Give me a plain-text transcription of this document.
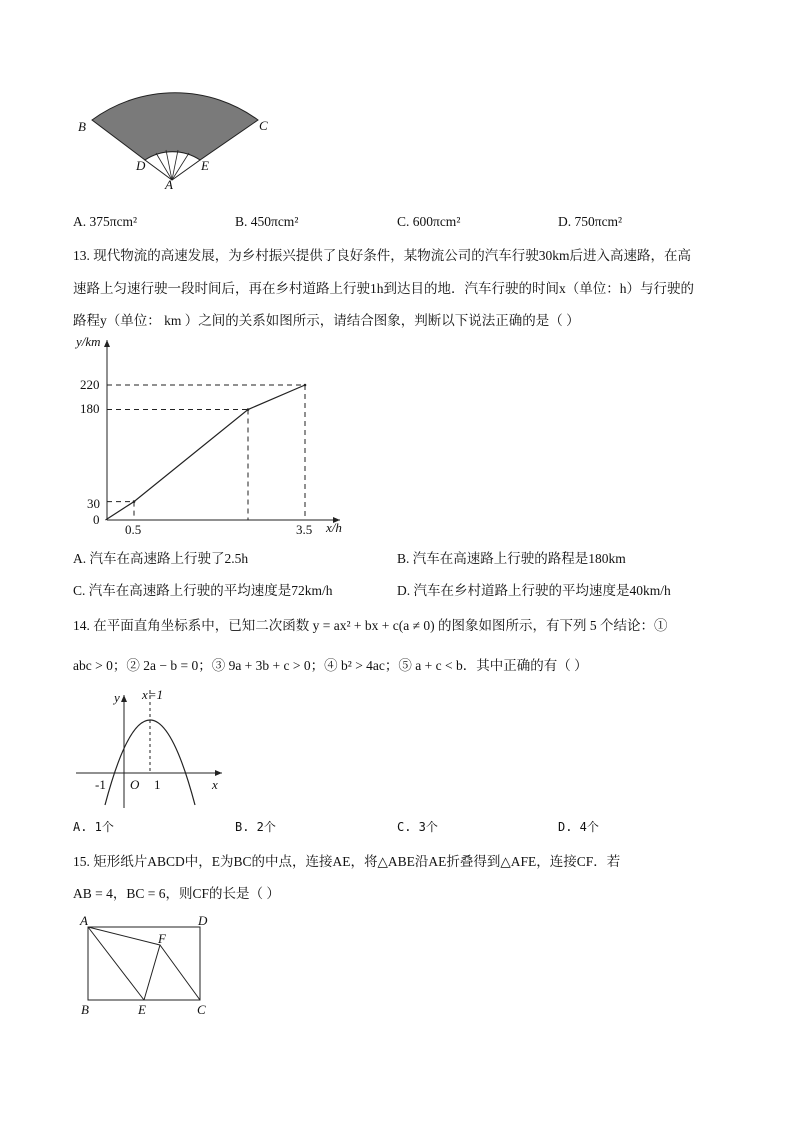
B	C
D	E
A
A. 375πcm²	B. 450πcm²	C. 600πcm²	D. 750πcm²
13. 现代物流的高速发展，为乡村振兴提供了良好条件，某物流公司的汽车行驶30km后进入高速路，在高
速路上匀速行驶一段时间后，再在乡村道路上行驶1h到达目的地．汽车行驶的时间x（单位：h）与行驶的
路程y（单位： km ）之间的关系如图所示，请结合图象，判断以下说法正确的是（ ）
y/km
x/h
0
30
180
220
0.5	3.5
A. 汽车在高速路上行驶了2.5h	B. 汽车在高速路上行驶的路程是180km
C. 汽车在高速路上行驶的平均速度是72km/h	D. 汽车在乡村道路上行驶的平均速度是40km/h
14. 在平面直角坐标系中，已知二次函数 y = ax² + bx + c(a ≠ 0) 的图象如图所示，有下列 5 个结论：①
abc > 0；② 2a − b = 0；③ 9a + 3b + c > 0；④ b² > 4ac；⑤ a + c < b．其中正确的有（ ）
y x=1
O 1
-1	x
A. 1个	B. 2个	C. 3个	D. 4个
15. 矩形纸片ABCD中，E为BC的中点，连接AE，将△ABE沿AE折叠得到△AFE，连接CF．若
AB = 4，BC = 6，则CF的长是（ ）
A	D
F
B	E	C
